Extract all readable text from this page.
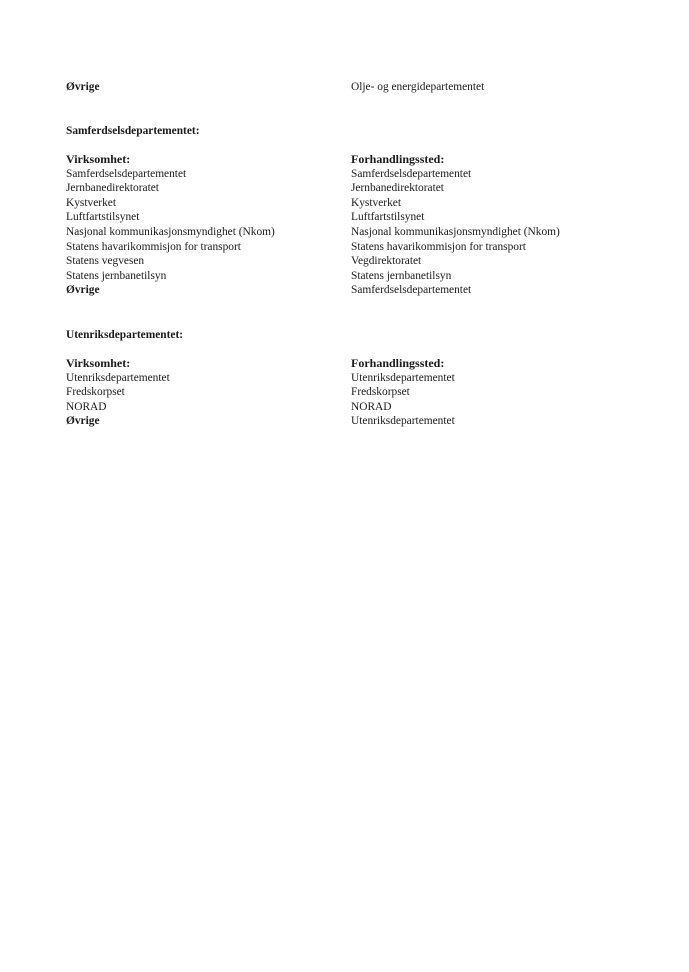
Øvrige	Olje- og energidepartementet
Samferdselsdepartementet:
Virksomhet:
Samferdselsdepartementet
Jernbanedirektoratet
Kystverket
Luftfartstilsynet
Nasjonal kommunikasjonsmyndighet (Nkom)
Statens havarikommisjon for transport
Statens vegvesen
Statens jernbanetilsyn
Øvrige
Forhandlingssted:
Samferdselsdepartementet
Jernbanedirektoratet
Kystverket
Luftfartstilsynet
Nasjonal kommunikasjonsmyndighet (Nkom)
Statens havarikommisjon for transport
Vegdirektoratet
Statens jernbanetilsyn
Samferdselsdepartementet
Utenriksdepartementet:
Virksomhet:
Utenriksdepartementet
Fredskorpset
NORAD
Øvrige
Forhandlingssted:
Utenriksdepartementet
Fredskorpset
NORAD
Utenriksdepartementet
